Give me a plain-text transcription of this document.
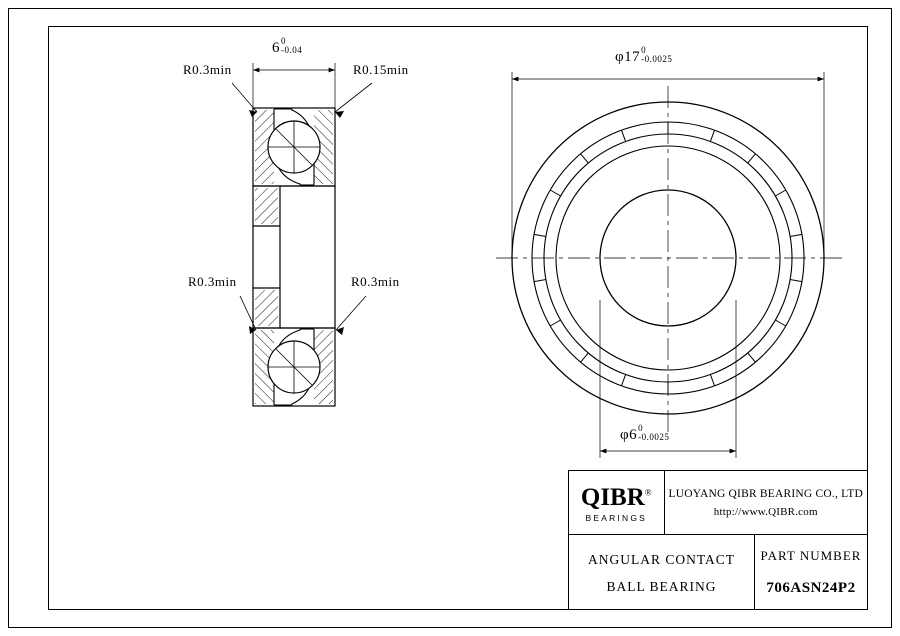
R0.3min	R0.15min
R0.3min	R0.3min
6 0
-0.04	φ17 0
-0.0025
φ6 0
-0.0025
QIBR®
BEARINGS
LUOYANG QIBR BEARING CO., LTD
http://www.QIBR.com
ANGULAR CONTACT
BALL BEARING
PART NUMBER
706ASN24P2
